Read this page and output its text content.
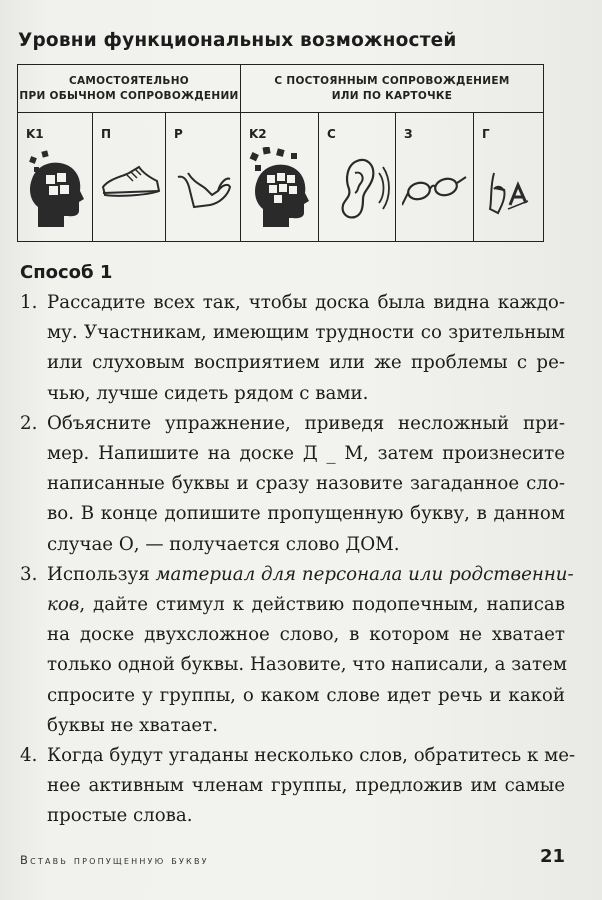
Уровни функциональных возможностей
САМОСТОЯТЕЛЬНО
ПРИ ОБЫЧНОМ СОПРОВОЖДЕНИИ
С ПОСТОЯННЫМ СОПРОВОЖДЕНИЕМ
ИЛИ ПО КАРТОЧКЕ
K1	П	Р	K2	С	З	Г
Способ 1
1. Рассадите всех так, чтобы доска была видна каждо-
му. Участникам, имеющим трудности со зрительным
или слуховым восприятием или же проблемы с ре-
чью, лучше сидеть рядом с вами.
2. Объясните упражнение, приведя несложный при-
мер. Напишите на доске Д _ М, затем произнесите
написанные буквы и сразу назовите загаданное сло-
во. В конце допишите пропущенную букву, в данном
случае О, — получается слово ДОМ.
3. Используя материал для персонала или родственни-
ков, дайте стимул к действию подопечным, написав
на доске двухсложное слово, в котором не хватает
только одной буквы. Назовите, что написали, а затем
спросите у группы, о каком слове идет речь и какой
буквы не хватает.
4. Когда будут угаданы несколько слов, обратитесь к ме-
нее активным членам группы, предложив им самые
простые слова.
Вставь пропущенную букву	21
